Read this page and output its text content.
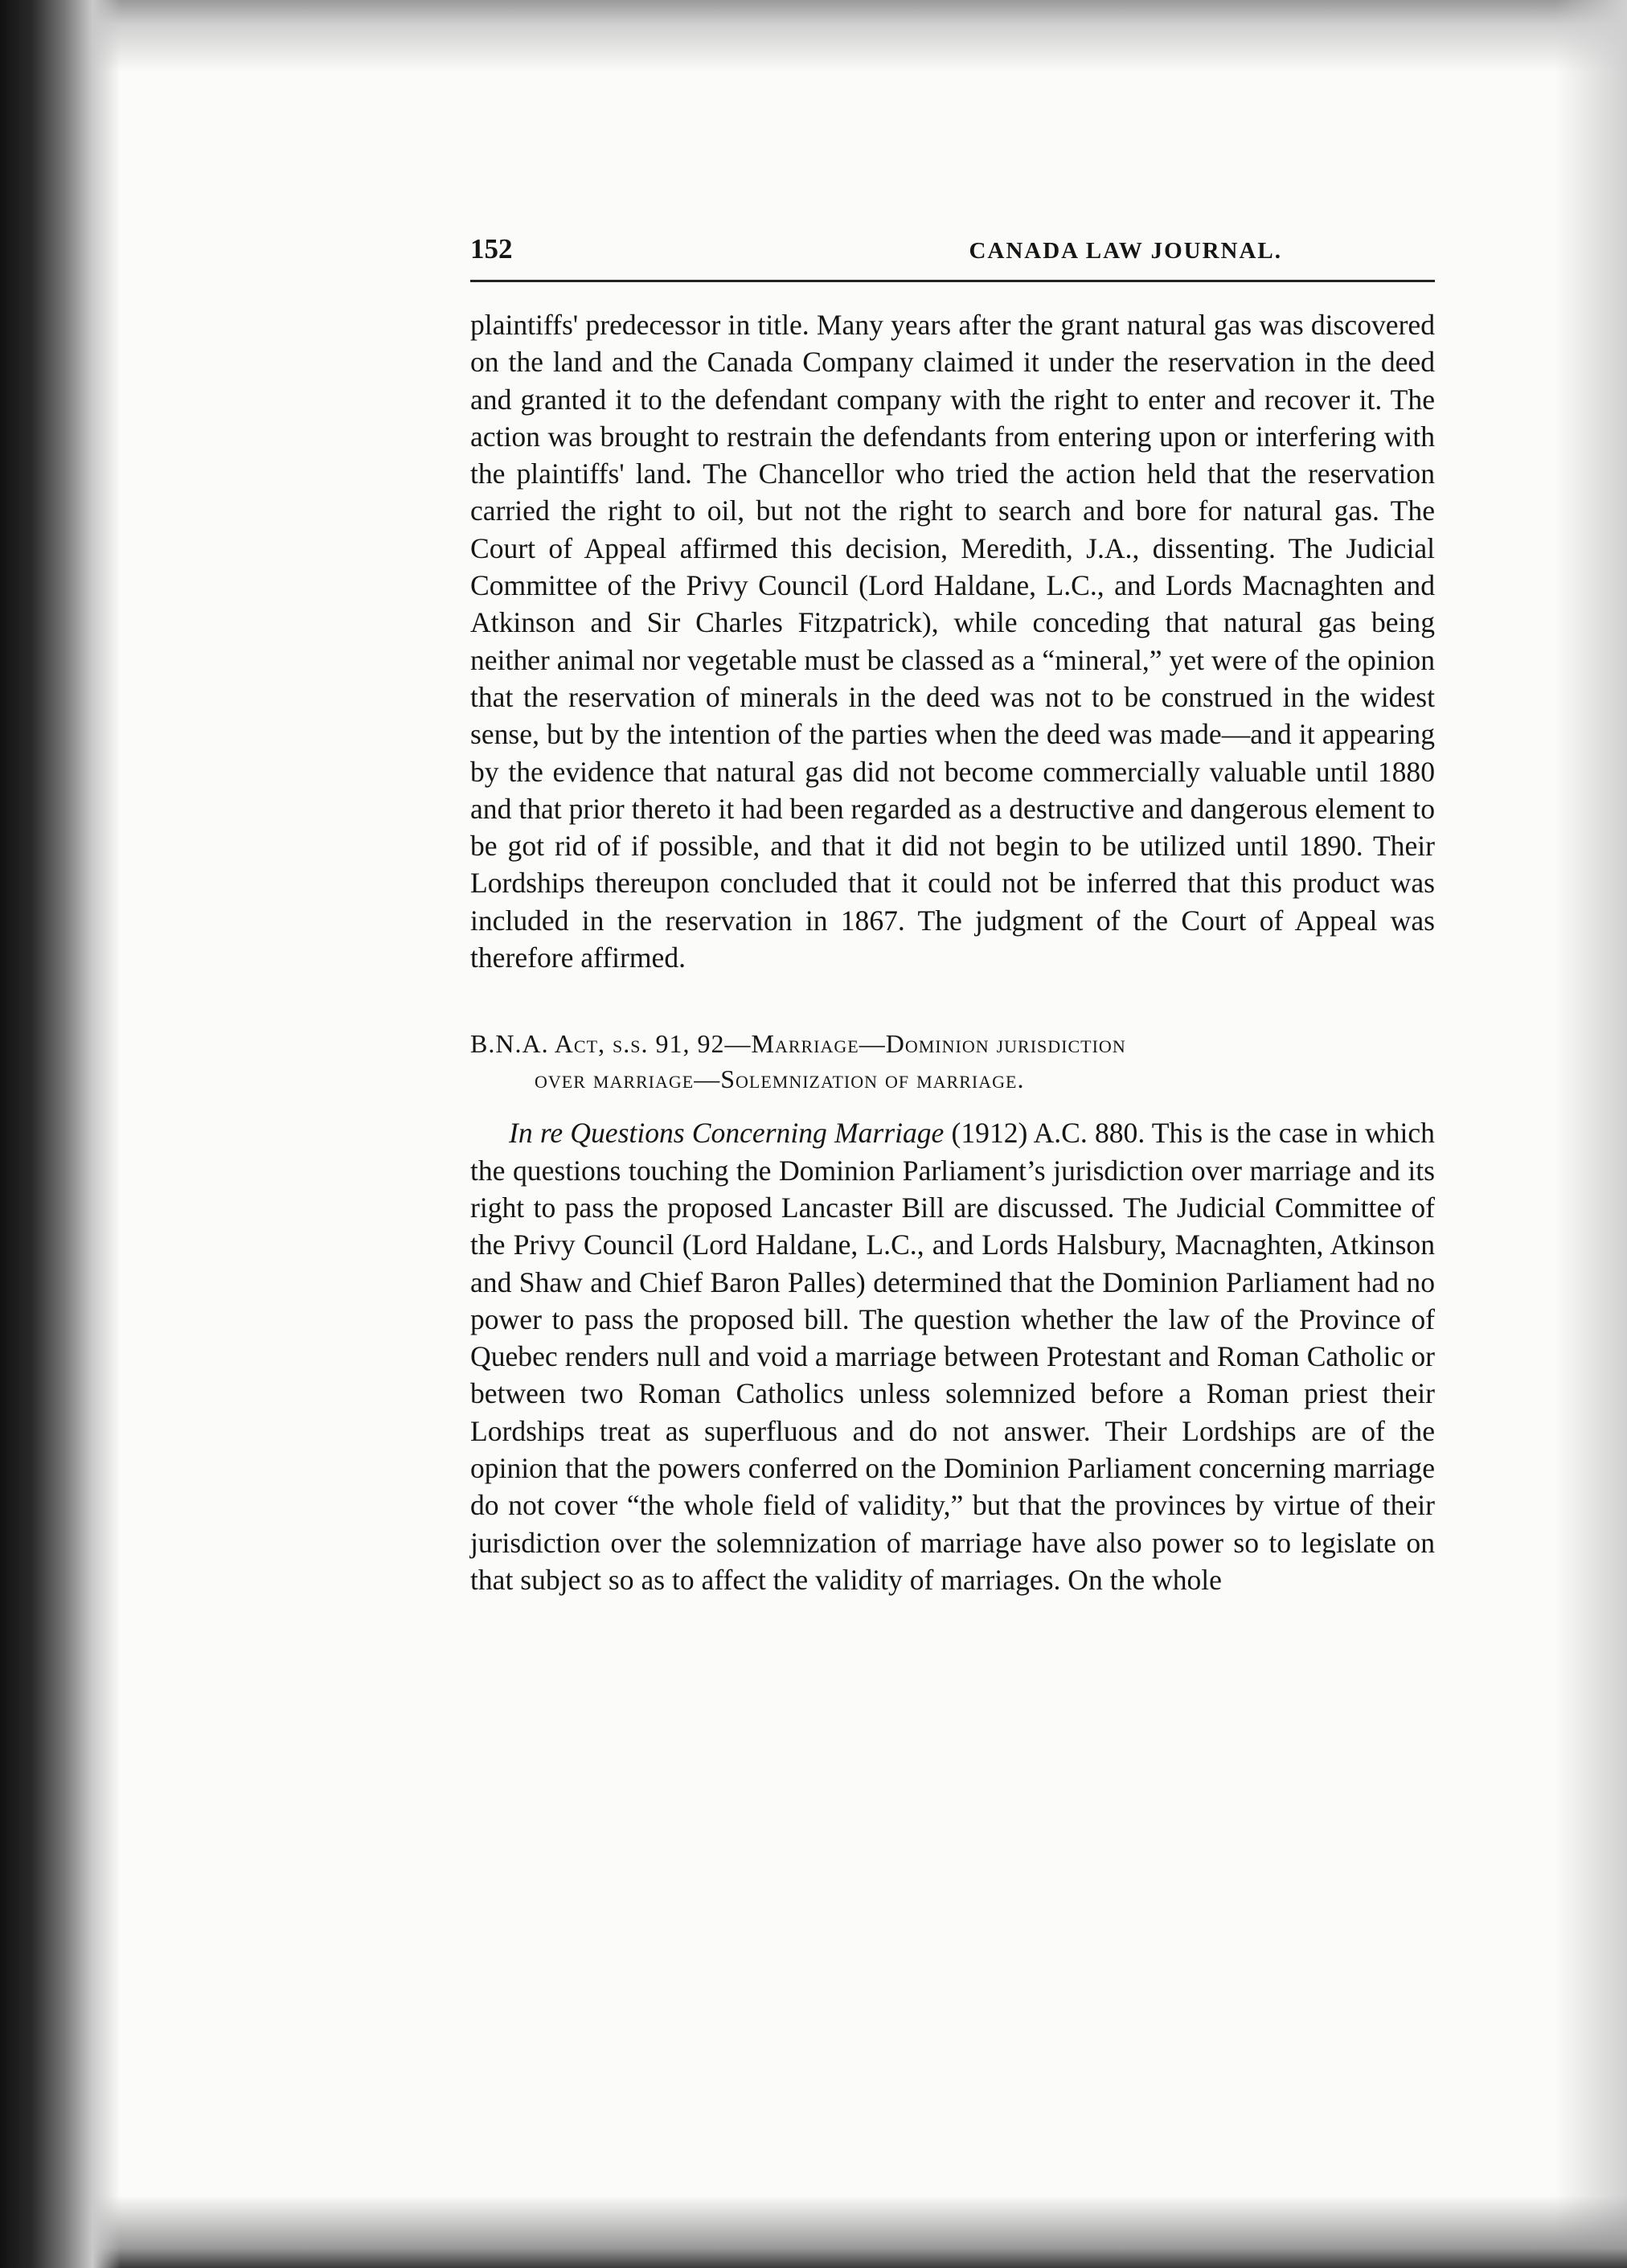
152	CANADA LAW JOURNAL.

plaintiffs' predecessor in title. Many years after the grant natural gas was discovered on the land and the Canada Company claimed it under the reservation in the deed and granted it to the defendant company with the right to enter and recover it. The action was brought to restrain the defendants from entering upon or interfering with the plaintiffs' land. The Chancellor who tried the action held that the reservation carried the right to oil, but not the right to search and bore for natural gas. The Court of Appeal affirmed this decision, Meredith, J.A., dissenting. The Judicial Committee of the Privy Council (Lord Haldane, L.C., and Lords Macnaghten and Atkinson and Sir Charles Fitzpatrick), while conceding that natural gas being neither animal nor vegetable must be classed as a “mineral,” yet were of the opinion that the reservation of minerals in the deed was not to be construed in the widest sense, but by the intention of the parties when the deed was made—and it appearing by the evidence that natural gas did not become commercially valuable until 1880 and that prior thereto it had been regarded as a destructive and dangerous element to be got rid of if possible, and that it did not begin to be utilized until 1890. Their Lordships thereupon concluded that it could not be inferred that this product was included in the reservation in 1867. The judgment of the Court of Appeal was therefore affirmed.

B.N.A. Act, s.s. 91, 92—Marriage—Dominion jurisdiction
over marriage—Solemnization of marriage.

In re Questions Concerning Marriage (1912) A.C. 880. This is the case in which the questions touching the Dominion Parliament’s jurisdiction over marriage and its right to pass the proposed Lancaster Bill are discussed. The Judicial Committee of the Privy Council (Lord Haldane, L.C., and Lords Halsbury, Macnaghten, Atkinson and Shaw and Chief Baron Palles) determined that the Dominion Parliament had no power to pass the proposed bill. The question whether the law of the Province of Quebec renders null and void a marriage between Protestant and Roman Catholic or between two Roman Catholics unless solemnized before a Roman priest their Lordships treat as superfluous and do not answer. Their Lordships are of the opinion that the powers conferred on the Dominion Parliament concerning marriage do not cover “the whole field of validity,” but that the provinces by virtue of their jurisdiction over the solemnization of marriage have also power so to legislate on that subject so as to affect the validity of marriages. On the whole
